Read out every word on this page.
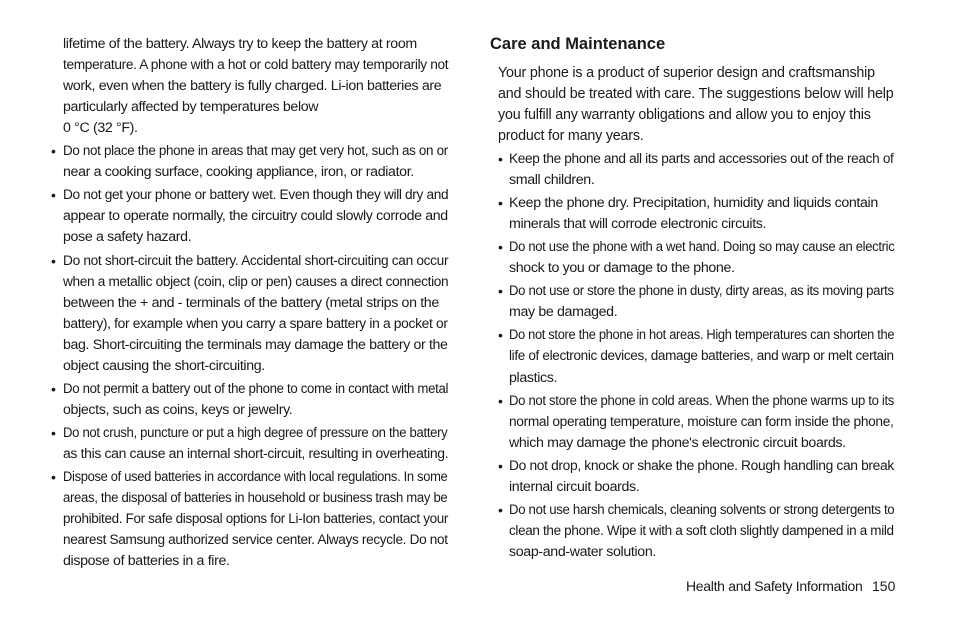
Care and Maintenance
Health and Safety Information 150
lifetime of the battery. Always try to keep the battery at room
temperature. A phone with a hot or cold battery may temporarily not
work, even when the battery is fully charged. Li-ion batteries are
particularly affected by temperatures below
0 °C (32 °F).
• Do not place the phone in areas that may get very hot, such as on or
near a cooking surface, cooking appliance, iron, or radiator.
• Do not get your phone or battery wet. Even though they will dry and
appear to operate normally, the circuitry could slowly corrode and
pose a safety hazard.
• Do not short-circuit the battery. Accidental short-circuiting can occur
when a metallic object (coin, clip or pen) causes a direct connection
between the + and - terminals of the battery (metal strips on the
battery), for example when you carry a spare battery in a pocket or
bag. Short-circuiting the terminals may damage the battery or the
object causing the short-circuiting.
• Do not permit a battery out of the phone to come in contact with metal
objects, such as coins, keys or jewelry.
• Do not crush, puncture or put a high degree of pressure on the battery
as this can cause an internal short-circuit, resulting in overheating.
• Dispose of used batteries in accordance with local regulations. In some
areas, the disposal of batteries in household or business trash may be
prohibited. For safe disposal options for Li-Ion batteries, contact your
nearest Samsung authorized service center. Always recycle. Do not
dispose of batteries in a fire.
Your phone is a product of superior design and craftsmanship
and should be treated with care. The suggestions below will help
you fulfill any warranty obligations and allow you to enjoy this
product for many years.
• Keep the phone and all its parts and accessories out of the reach of
small children.
• Keep the phone dry. Precipitation, humidity and liquids contain
minerals that will corrode electronic circuits.
• Do not use the phone with a wet hand. Doing so may cause an electric
shock to you or damage to the phone.
• Do not use or store the phone in dusty, dirty areas, as its moving parts
may be damaged.
• Do not store the phone in hot areas. High temperatures can shorten the
life of electronic devices, damage batteries, and warp or melt certain
plastics.
• Do not store the phone in cold areas. When the phone warms up to its
normal operating temperature, moisture can form inside the phone,
which may damage the phone's electronic circuit boards.
• Do not drop, knock or shake the phone. Rough handling can break
internal circuit boards.
• Do not use harsh chemicals, cleaning solvents or strong detergents to
clean the phone. Wipe it with a soft cloth slightly dampened in a mild
soap-and-water solution.
